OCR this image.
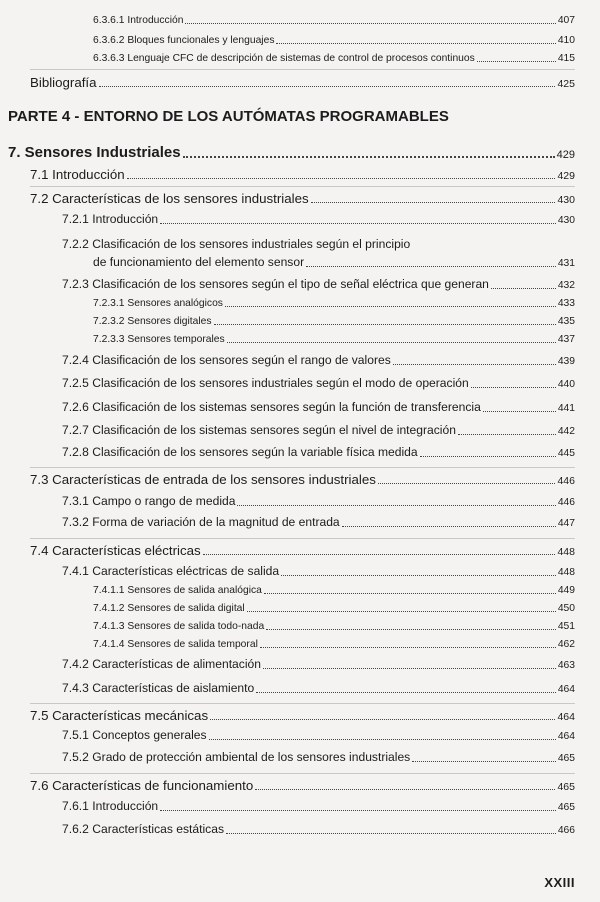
6.3.6.1 Introducción	407
6.3.6.2 Bloques funcionales y lenguajes	410
6.3.6.3 Lenguaje CFC de descripción de sistemas de control de procesos continuos	415
Bibliografía	425
PARTE 4 - ENTORNO DE LOS AUTÓMATAS PROGRAMABLES
7. Sensores Industriales	429
7.1 Introducción	429
7.2 Características de los sensores industriales	430
7.2.1 Introducción	430
7.2.2 Clasificación de los sensores industriales según el principio
de funcionamiento del elemento sensor	431
7.2.3 Clasificación de los sensores según el tipo de señal eléctrica que generan	432
7.2.3.1 Sensores analógicos	433
7.2.3.2 Sensores digitales	435
7.2.3.3 Sensores temporales	437
7.2.4 Clasificación de los sensores según el rango de valores	439
7.2.5 Clasificación de los sensores industriales según el modo de operación	440
7.2.6 Clasificación de los sistemas sensores según la función de transferencia	441
7.2.7 Clasificación de los sistemas sensores según el nivel de integración	442
7.2.8 Clasificación de los sensores según la variable física medida	445
7.3 Características de entrada de los sensores industriales	446
7.3.1 Campo o rango de medida	446
7.3.2 Forma de variación de la magnitud de entrada	447
7.4 Características eléctricas	448
7.4.1 Características eléctricas de salida	448
7.4.1.1 Sensores de salida analógica	449
7.4.1.2 Sensores de salida digital	450
7.4.1.3 Sensores de salida todo-nada	451
7.4.1.4 Sensores de salida temporal	462
7.4.2 Características de alimentación	463
7.4.3 Características de aislamiento	464
7.5 Características mecánicas	464
7.5.1 Conceptos generales	464
7.5.2 Grado de protección ambiental de los sensores industriales	465
7.6 Características de funcionamiento	465
7.6.1 Introducción	465
7.6.2 Características estáticas	466
XXIII
